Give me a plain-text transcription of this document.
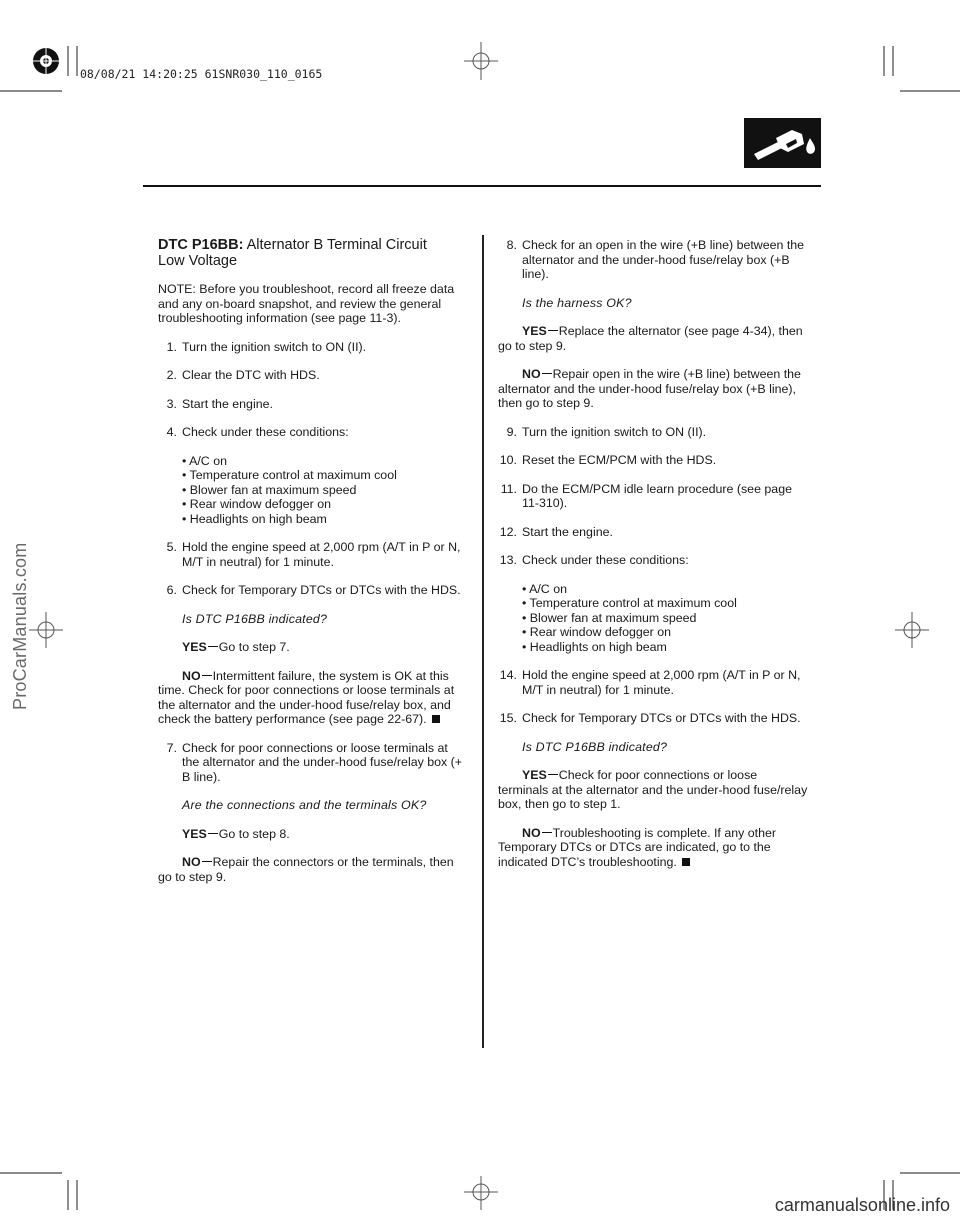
08/08/21 14:20:25 61SNR030_110_0165
ProCarManuals.com
carmanualsonline.info

DTC P16BB: Alternator B Terminal Circuit

Low Voltage

NOTE: Before you troubleshoot, record all freeze data and any on-board snapshot, and review the general troubleshooting information (see page 11-3).

1. Turn the ignition switch to ON (II).

2. Clear the DTC with HDS.

3. Start the engine.

4. Check under these conditions:

• A/C on
• Temperature control at maximum cool
• Blower fan at maximum speed
• Rear window defogger on
• Headlights on high beam

5. Hold the engine speed at 2,000 rpm (A/T in P or N, M/T in neutral) for 1 minute.

6. Check for Temporary DTCs or DTCs with the HDS.

Is DTC P16BB indicated?

YES Go to step 7.

NO Intermittent failure, the system is OK at this time. Check for poor connections or loose terminals at the alternator and the under-hood fuse/relay box, and check the battery performance (see page 22-67).

7. Check for poor connections or loose terminals at the alternator and the under-hood fuse/relay box (+B line).

Are the connections and the terminals OK?

YES Go to step 8.

NO Repair the connectors or the terminals, then go to step 9.

8. Check for an open in the wire (+B line) between the alternator and the under-hood fuse/relay box (+B line).

Is the harness OK?

YES Replace the alternator (see page 4-34), then go to step 9.

NO Repair open in the wire (+B line) between the alternator and the under-hood fuse/relay box (+B line), then go to step 9.

9. Turn the ignition switch to ON (II).

10. Reset the ECM/PCM with the HDS.

11. Do the ECM/PCM idle learn procedure (see page 11-310).

12. Start the engine.

13. Check under these conditions:

• A/C on
• Temperature control at maximum cool
• Blower fan at maximum speed
• Rear window defogger on
• Headlights on high beam

14. Hold the engine speed at 2,000 rpm (A/T in P or N, M/T in neutral) for 1 minute.

15. Check for Temporary DTCs or DTCs with the HDS.

Is DTC P16BB indicated?

YES Check for poor connections or loose terminals at the alternator and the under-hood fuse/relay box, then go to step 1.

NO Troubleshooting is complete. If any other Temporary DTCs or DTCs are indicated, go to the indicated DTC’s troubleshooting.
